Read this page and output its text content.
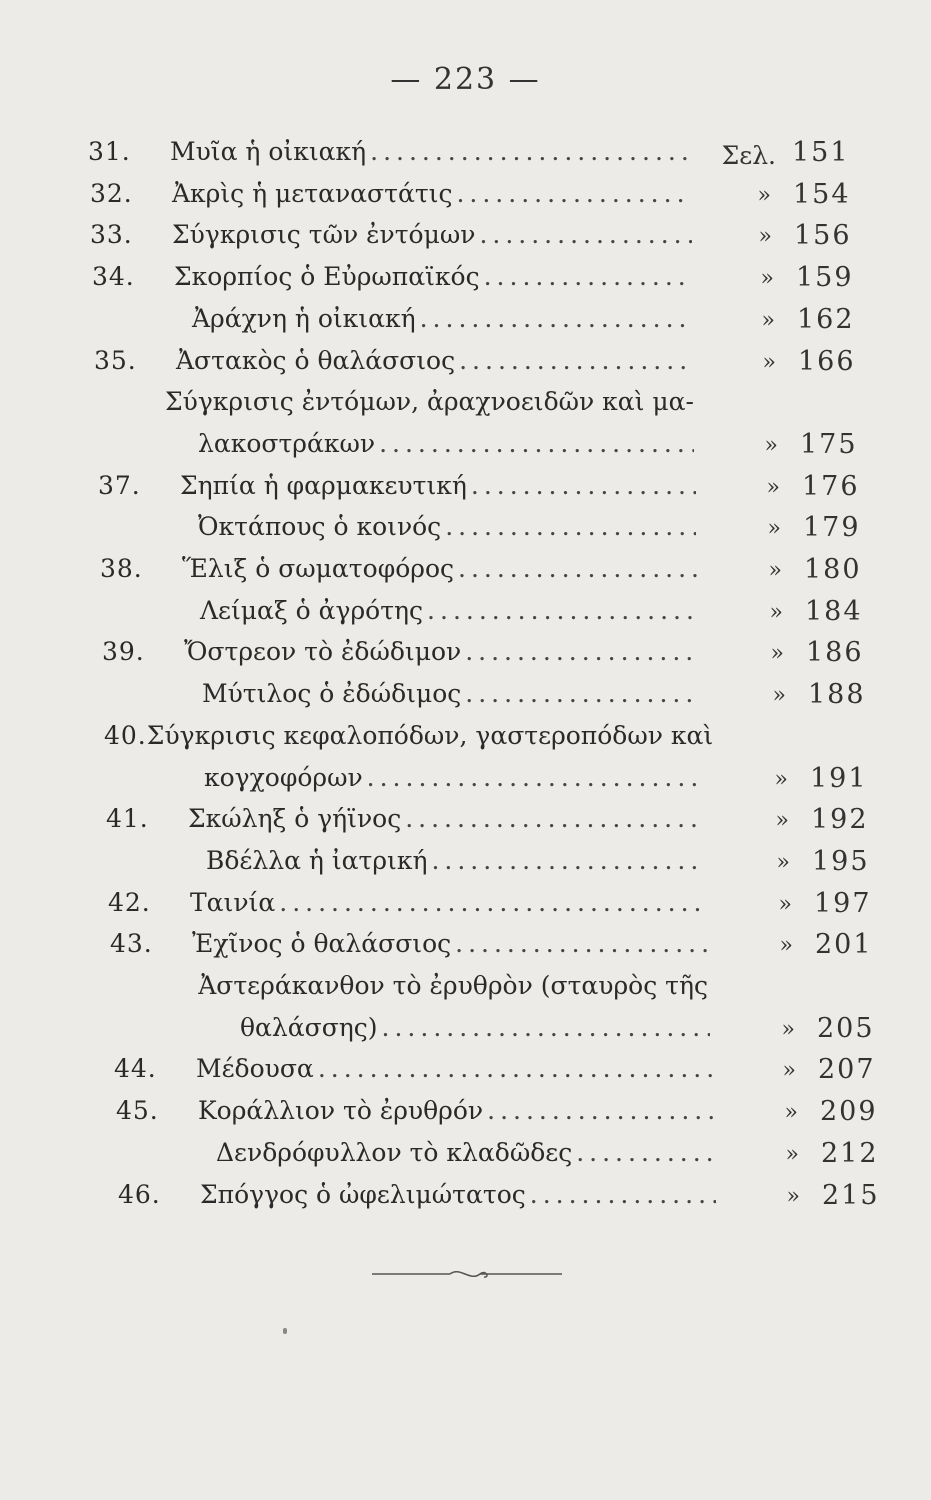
— 223 —
31.	Μυῖα ἡ οἰκιακή .....	Σελ. 151
32.	Ἀκρὶς ἡ μεταναστάτις .....	» 154
33.	Σύγκρισις τῶν ἐντόμων .....	» 156
34.	Σκορπίος ὁ Εὐρωπαϊκός .....	» 159
Ἀράχνη ἡ οἰκιακή .....	» 162
35.	Ἀστακὸς ὁ θαλάσσιος .....	» 166
Σύγκρισις ἐντόμων, ἀραχνοειδῶν καὶ μα-
λακοστράκων .....	» 175
37.	Σηπία ἡ φαρμακευτική .....	» 176
Ὀκτάπους ὁ κοινός .....	» 179
38.	Ἕλιξ ὁ σωματοφόρος .....	» 180
Λείμαξ ὁ ἀγρότης .....	» 184
39.	Ὄστρεον τὸ ἐδώδιμον .....	» 186
Μύτιλος ὁ ἐδώδιμος .....	» 188
40. Σύγκρισις κεφαλοπόδων, γαστεροπόδων καὶ
κογχοφόρων .....	» 191
41.	Σκώληξ ὁ γήϊνος .....	» 192
Βδέλλα ἡ ἰατρική .....	» 195
42.	Ταινία .....	» 197
43.	Ἐχῖνος ὁ θαλάσσιος .....	» 201
Ἀστεράκανθον τὸ ἐρυθρὸν (σταυρὸς τῆς
θαλάσσης) .....	» 205
44.	Μέδουσα .....	» 207
45.	Κοράλλιον τὸ ἐρυθρόν .....	» 209
Δενδρόφυλλον τὸ κλαδῶδες .....	» 212
46.	Σπόγγος ὁ ὠφελιμώτατος .....	» 215
